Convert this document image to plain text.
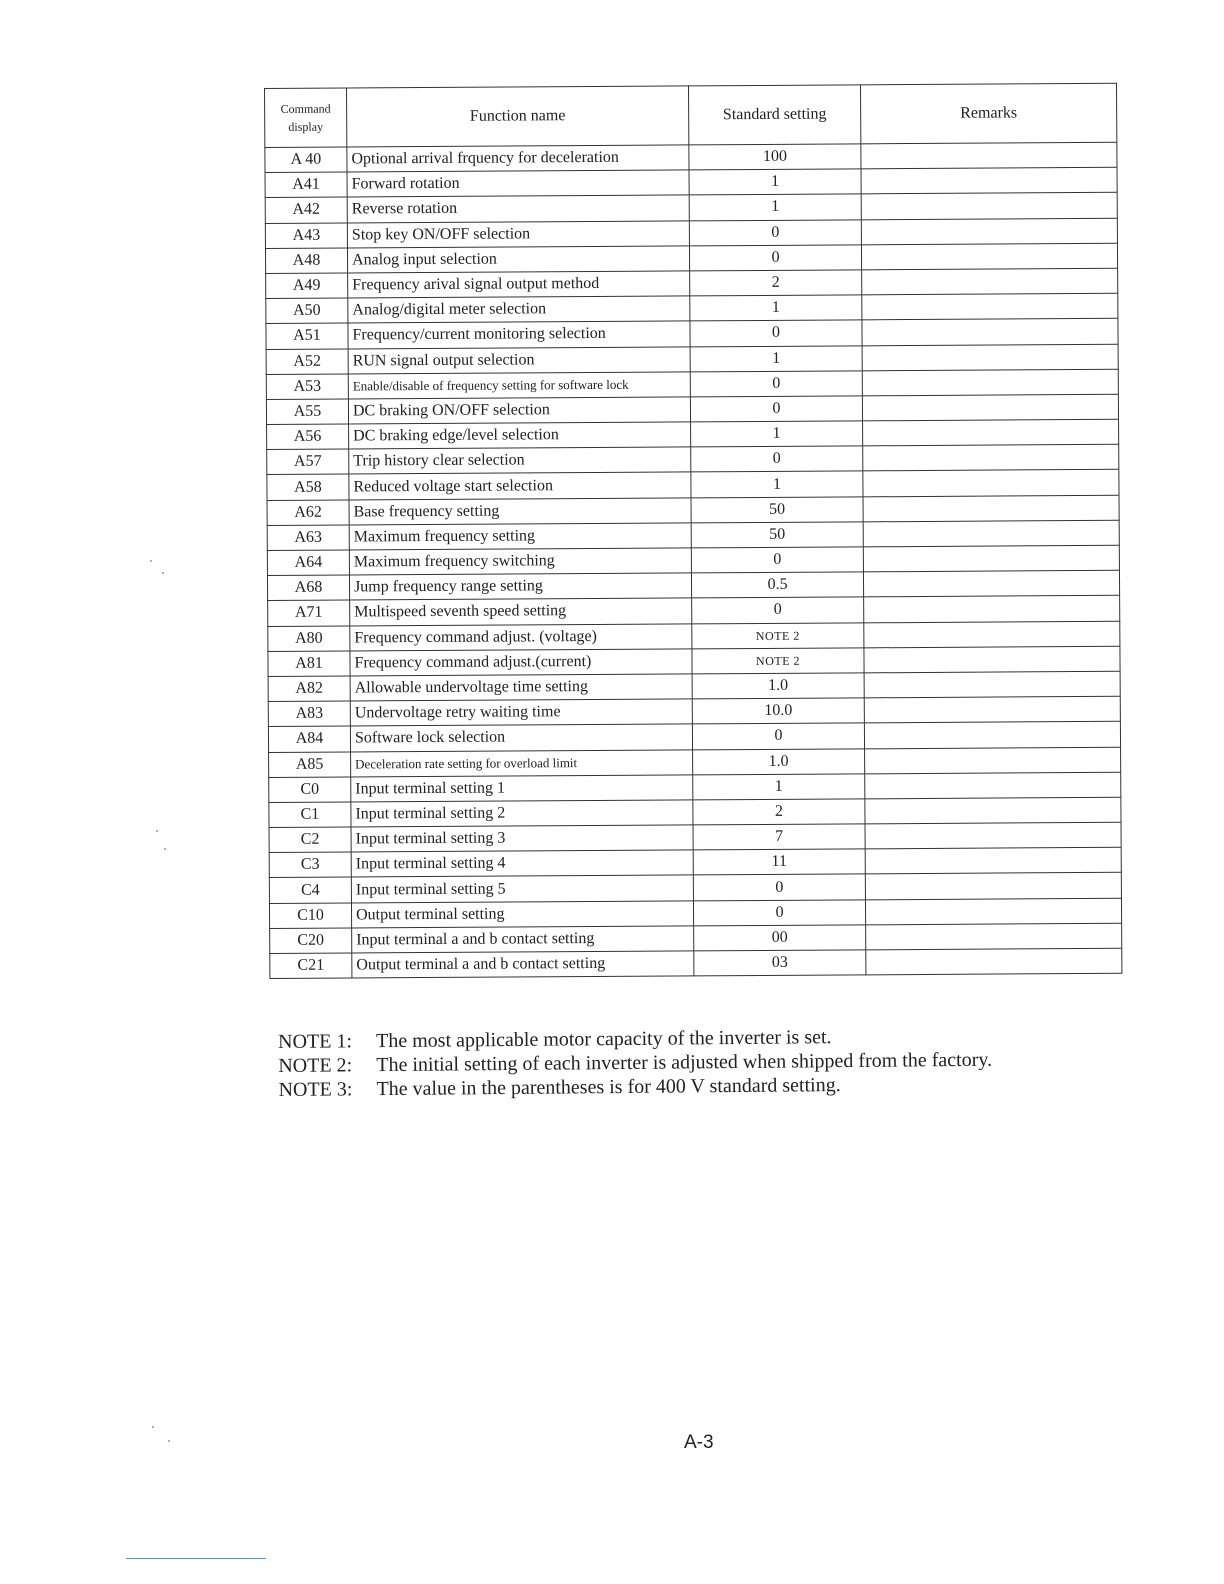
Command
display	Function name	Standard setting	Remarks
A 40	Optional arrival frquency for deceleration	100	
A41	Forward rotation	1	
A42	Reverse rotation	1	
A43	Stop key ON/OFF selection	0	
A48	Analog input selection	0	
A49	Frequency arival signal output method	2	
A50	Analog/digital meter selection	1	
A51	Frequency/current monitoring selection	0	
A52	RUN signal output selection	1	
A53	Enable/disable of frequency setting for software lock	0	
A55	DC braking ON/OFF selection	0	
A56	DC braking edge/level selection	1	
A57	Trip history clear selection	0	
A58	Reduced voltage start selection	1	
A62	Base frequency setting	50	
A63	Maximum frequency setting	50	
A64	Maximum frequency switching	0	
A68	Jump frequency range setting	0.5	
A71	Multispeed seventh speed setting	0	
A80	Frequency command adjust. (voltage)	NOTE 2	
A81	Frequency command adjust.(current)	NOTE 2	
A82	Allowable undervoltage time setting	1.0	
A83	Undervoltage retry waiting time	10.0	
A84	Software lock selection	0	
A85	Deceleration rate setting for overload limit	1.0	
C0	Input terminal setting 1	1	
C1	Input terminal setting 2	2	
C2	Input terminal setting 3	7	
C3	Input terminal setting 4	11	
C4	Input terminal setting 5	0	
C10	Output terminal setting	0	
C20	Input terminal a and b contact setting	00	
C21	Output terminal a and b contact setting	03	
NOTE 1: The most applicable motor capacity of the inverter is set.
NOTE 2: The initial setting of each inverter is adjusted when shipped from the factory.
NOTE 3: The value in the parentheses is for 400 V standard setting.
A-3
